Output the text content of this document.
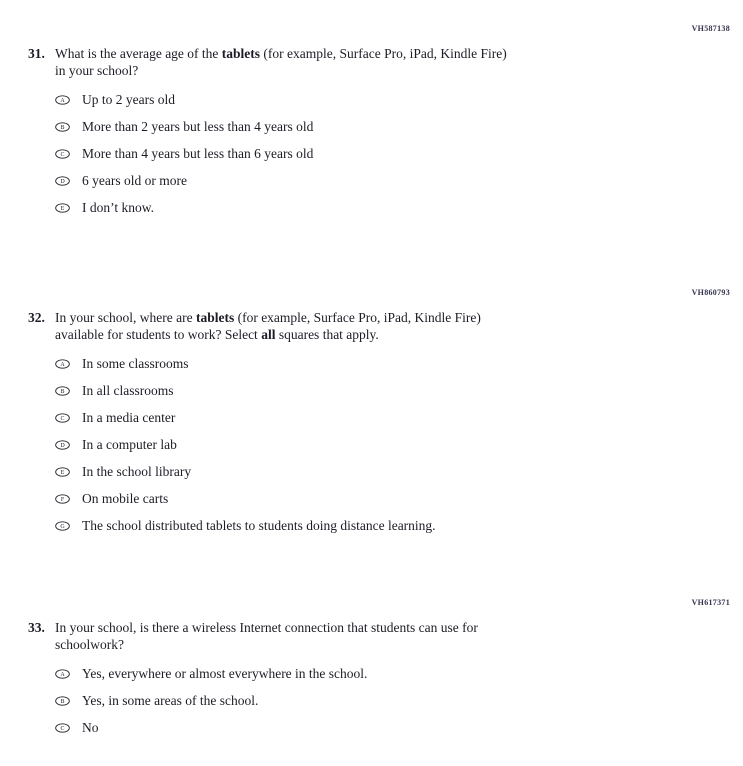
VH587138
31. What is the average age of the tablets (for example, Surface Pro, iPad, Kindle Fire)
in your school?
A Up to 2 years old
B More than 2 years but less than 4 years old
C More than 4 years but less than 6 years old
D 6 years old or more
E I don’t know.
VH860793
32. In your school, where are tablets (for example, Surface Pro, iPad, Kindle Fire)
available for students to work? Select all squares that apply.
A In some classrooms
B In all classrooms
C In a media center
D In a computer lab
E In the school library
F On mobile carts
G The school distributed tablets to students doing distance learning.
VH617371
33. In your school, is there a wireless Internet connection that students can use for
schoolwork?
A Yes, everywhere or almost everywhere in the school.
B Yes, in some areas of the school.
C No
